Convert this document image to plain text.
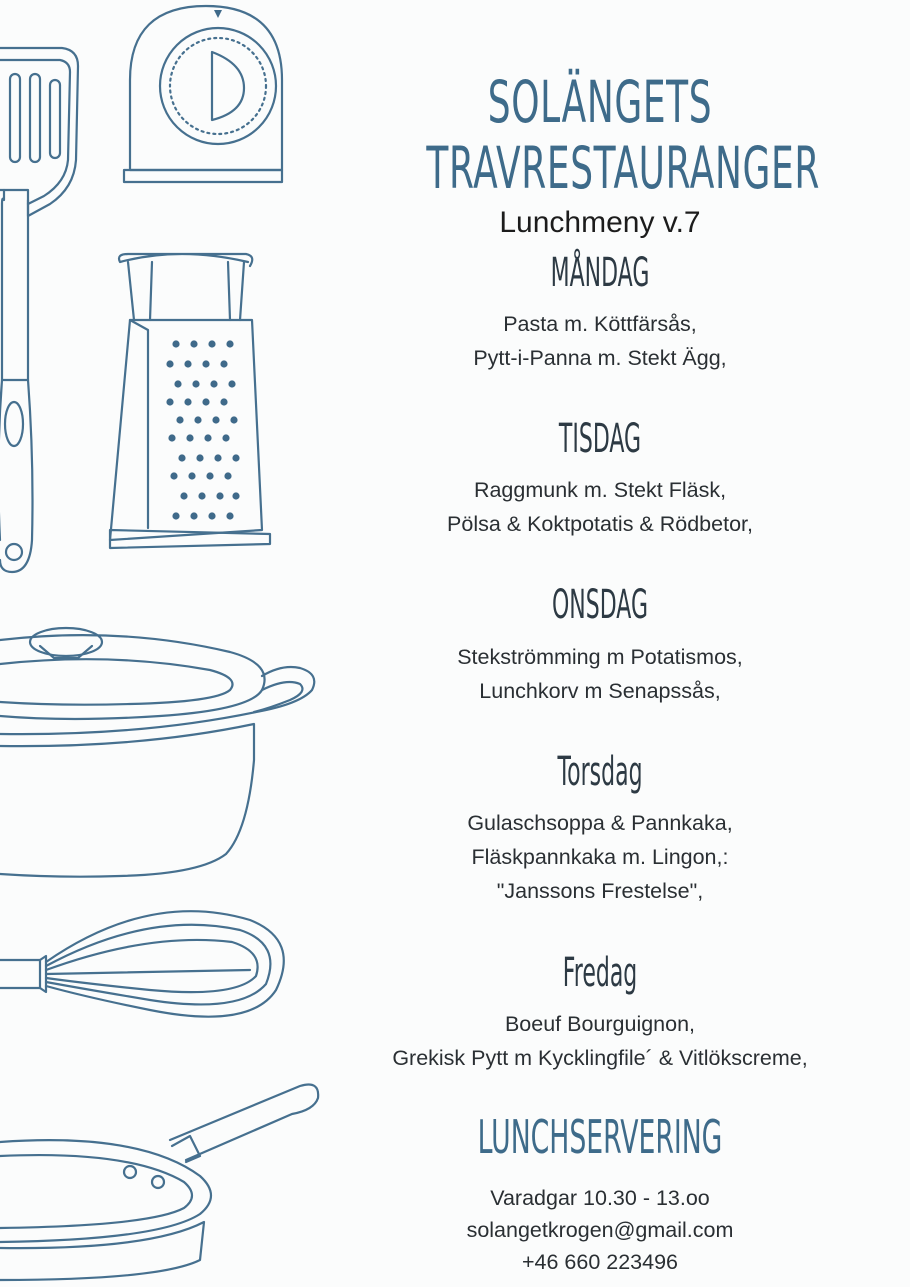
SOLÄNGETS
TRAVRESTAURANGER
Lunchmeny v.7
MÅNDAG
Pasta m. Köttfärsås,
Pytt-i-Panna m. Stekt Ägg,
TISDAG
Raggmunk m. Stekt Fläsk,
Pölsa & Koktpotatis & Rödbetor,
ONSDAG
Stekströmming m Potatismos,
Lunchkorv m Senapssås,
Torsdag
Gulaschsoppa & Pannkaka,
Fläskpannkaka m. Lingon,:
"Janssons Frestelse",
Fredag
Boeuf Bourguignon,
Grekisk Pytt m Kycklingfile´ & Vitlökscreme,
LUNCHSERVERING
Varadgar 10.30 - 13.oo
solangetkrogen@gmail.com
+46 660 223496
